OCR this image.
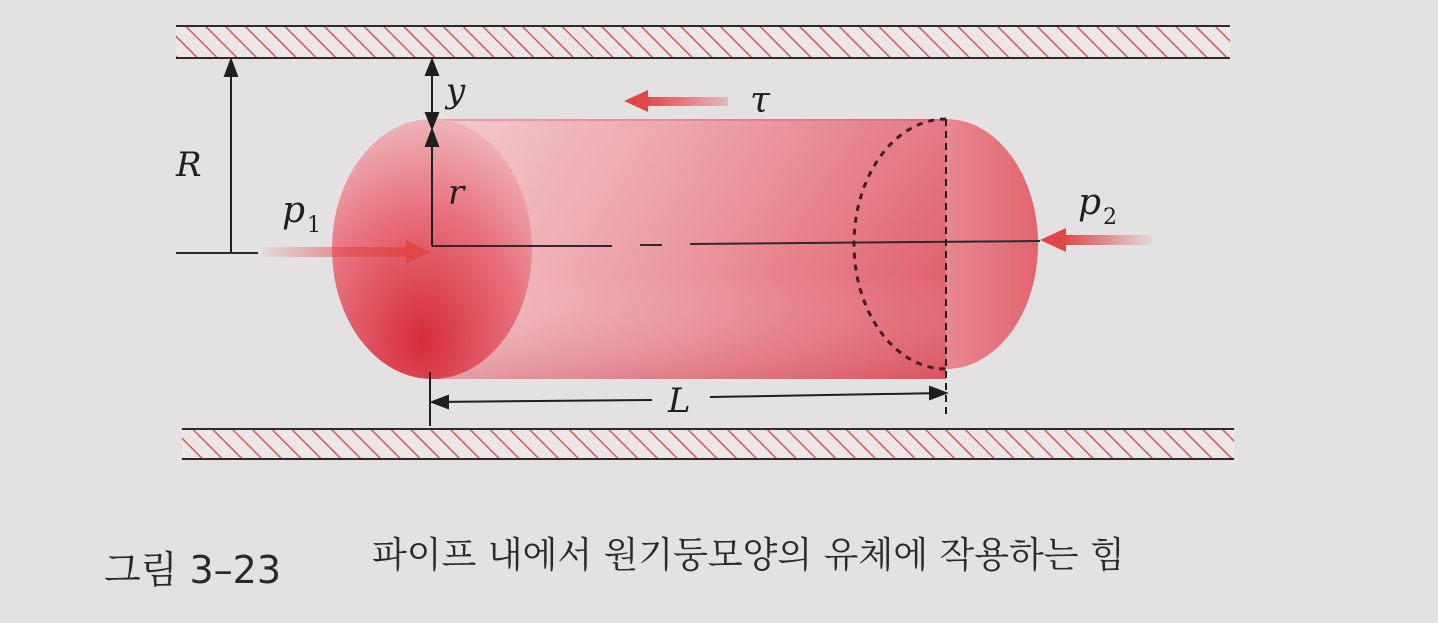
R
y
r
τ
L
$p_1$
$p_2$
그림 3–23	파이프 내에서 원기둥모양의 유체에 작용하는 힘
